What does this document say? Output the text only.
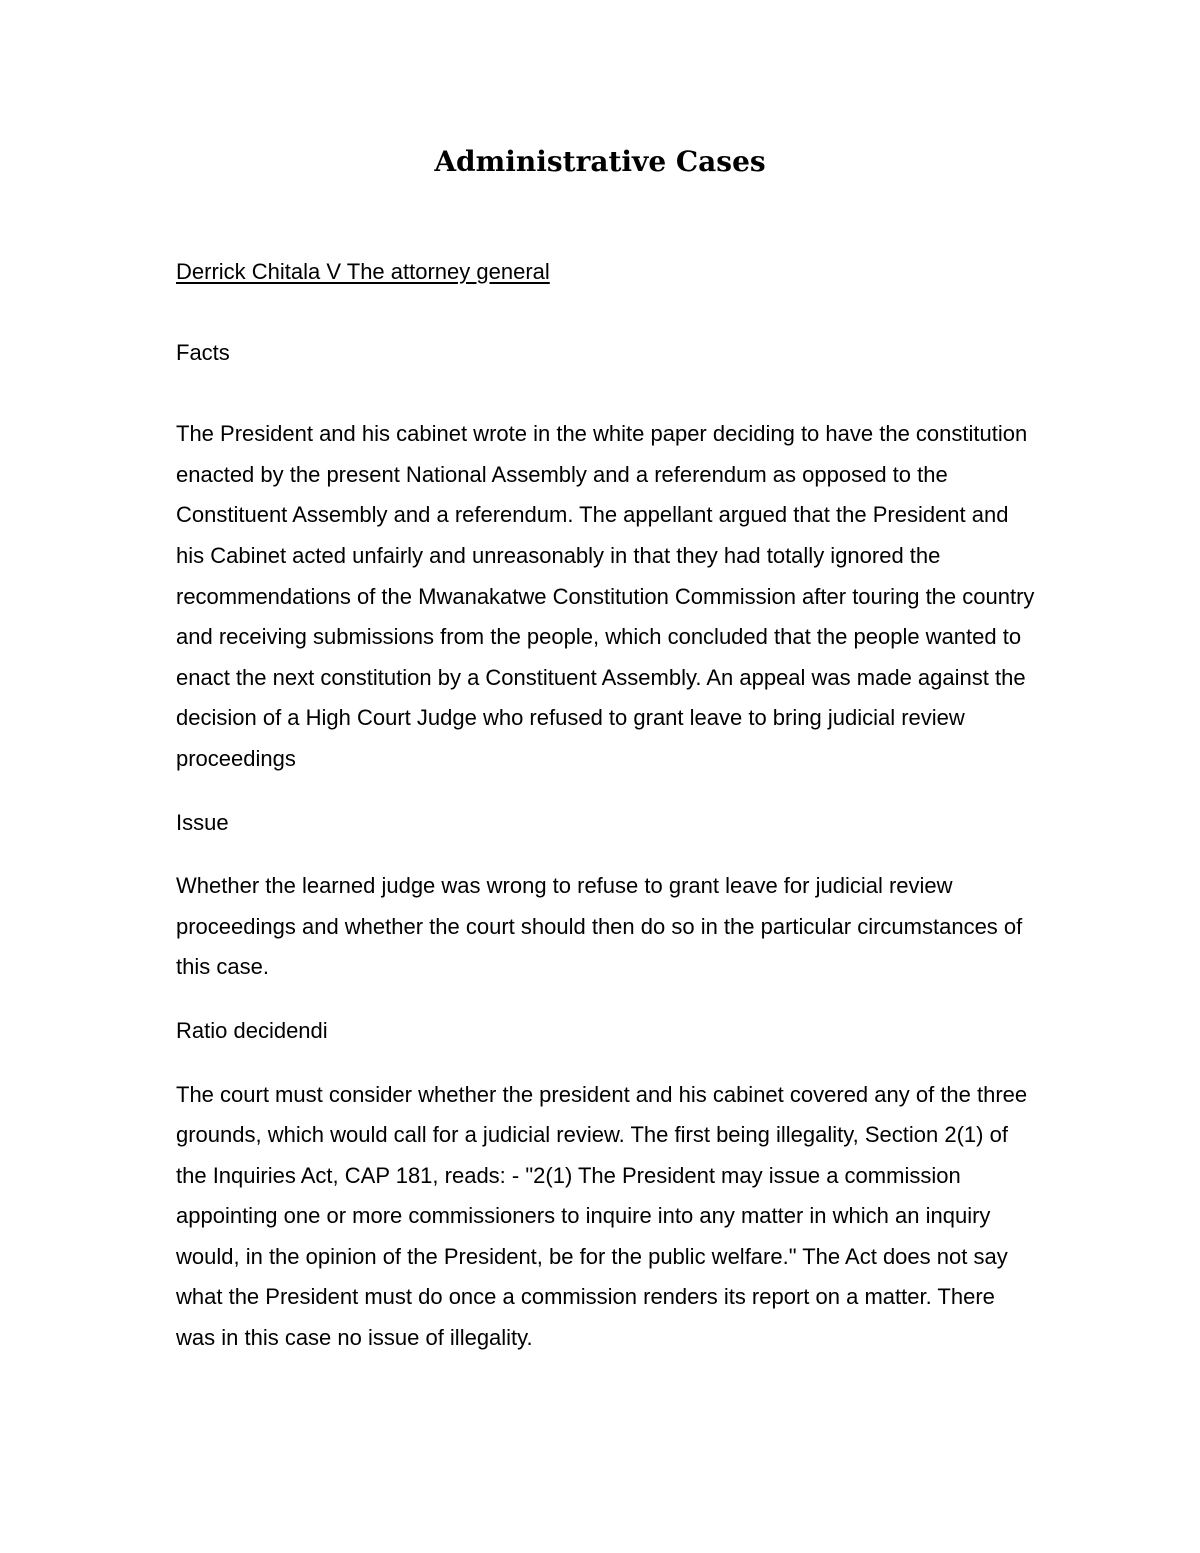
Administrative Cases

Derrick Chitala V The attorney general

Facts

The President and his cabinet wrote in the white paper deciding to have the constitution enacted by the present National Assembly and a referendum as opposed to the Constituent Assembly and a referendum. The appellant argued that the President and his Cabinet acted unfairly and unreasonably in that they had totally ignored the recommendations of the Mwanakatwe Constitution Commission after touring the country and receiving submissions from the people, which concluded that the people wanted to enact the next constitution by a Constituent Assembly. An appeal was made against the decision of a High Court Judge who refused to grant leave to bring judicial review proceedings

Issue

Whether the learned judge was wrong to refuse to grant leave for judicial review proceedings and whether the court should then do so in the particular circumstances of this case.

Ratio decidendi

The court must consider whether the president and his cabinet covered any of the three grounds, which would call for a judicial review. The first being illegality, Section 2(1) of the Inquiries Act, CAP 181, reads: - "2(1) The President may issue a commission appointing one or more commissioners to inquire into any matter in which an inquiry would, in the opinion of the President, be for the public welfare." The Act does not say what the President must do once a commission renders its report on a matter. There was in this case no issue of illegality.
